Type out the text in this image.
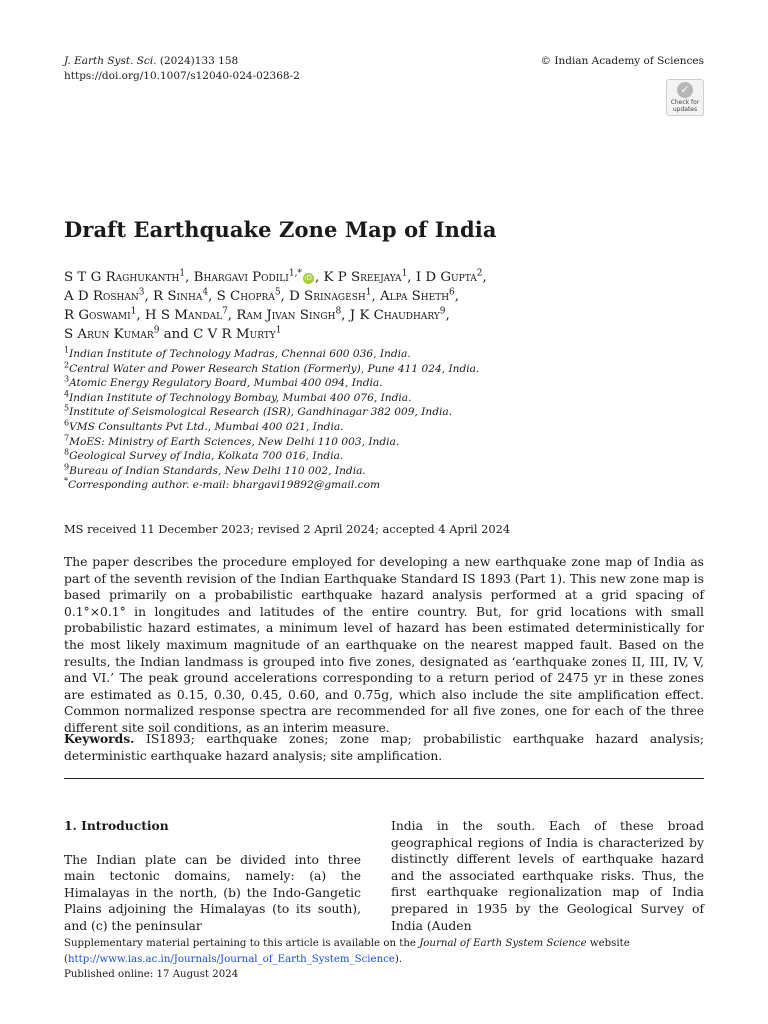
J. Earth Syst. Sci. (2024)133 158
https://doi.org/10.1007/s12040-024-02368-2
© Indian Academy of Sciences
✓
Check for
updates
Draft Earthquake Zone Map of India
S T G Raghukanth$^1$, Bhargavi Podili$^{1,*}$ iD , K P Sreejaya$^1$, I D Gupta$^2$,
A D Roshan$^3$, R Sinha$^4$, S Chopra$^5$, D Srinagesh$^1$, Alpa Sheth$^6$,
R Goswami$^1$, H S Mandal$^7$, Ram Jivan Singh$^8$, J K Chaudhary$^9$,
S Arun Kumar$^9$ and C V R Murty$^1$
$^1$Indian Institute of Technology Madras, Chennai 600 036, India.
$^2$Central Water and Power Research Station (Formerly), Pune 411 024, India.
$^3$Atomic Energy Regulatory Board, Mumbai 400 094, India.
$^4$Indian Institute of Technology Bombay, Mumbai 400 076, India.
$^5$Institute of Seismological Research (ISR), Gandhinagar 382 009, India.
$^6$VMS Consultants Pvt Ltd., Mumbai 400 021, India.
$^7$MoES: Ministry of Earth Sciences, New Delhi 110 003, India.
$^8$Geological Survey of India, Kolkata 700 016, India.
$^9$Bureau of Indian Standards, New Delhi 110 002, India.
*Corresponding author. e-mail: bhargavi19892@gmail.com
MS received 11 December 2023; revised 2 April 2024; accepted 4 April 2024
The paper describes the procedure employed for developing a new earthquake zone map of India as part of the seventh revision of the Indian Earthquake Standard IS 1893 (Part 1). This new zone map is based primarily on a probabilistic earthquake hazard analysis performed at a grid spacing of 0.1°×0.1° in longitudes and latitudes of the entire country. But, for grid locations with small probabilistic hazard estimates, a minimum level of hazard has been estimated deterministically for the most likely maximum magnitude of an earthquake on the nearest mapped fault. Based on the results, the Indian landmass is grouped into five zones, designated as ‘earthquake zones II, III, IV, V, and VI.’ The peak ground accelerations corresponding to a return period of 2475 yr in these zones are estimated as 0.15, 0.30, 0.45, 0.60, and 0.75g, which also include the site amplification effect. Common normalized response spectra are recommended for all five zones, one for each of the three different site soil conditions, as an interim measure.
Keywords. IS1893; earthquake zones; zone map; probabilistic earthquake hazard analysis; deterministic earthquake hazard analysis; site amplification.
1. Introduction
The Indian plate can be divided into three main tectonic domains, namely: (a) the Himalayas in the north, (b) the Indo-Gangetic Plains adjoining the Himalayas (to its south), and (c) the peninsular
India in the south. Each of these broad geographical regions of India is characterized by distinctly different levels of earthquake hazard and the associated earthquake risks. Thus, the first earthquake regionalization map of India prepared in 1935 by the Geological Survey of India (Auden
Supplementary material pertaining to this article is available on the Journal of Earth System Science website (http://www.ias.ac.in/Journals/Journal_of_Earth_System_Science).
Published online: 17 August 2024
